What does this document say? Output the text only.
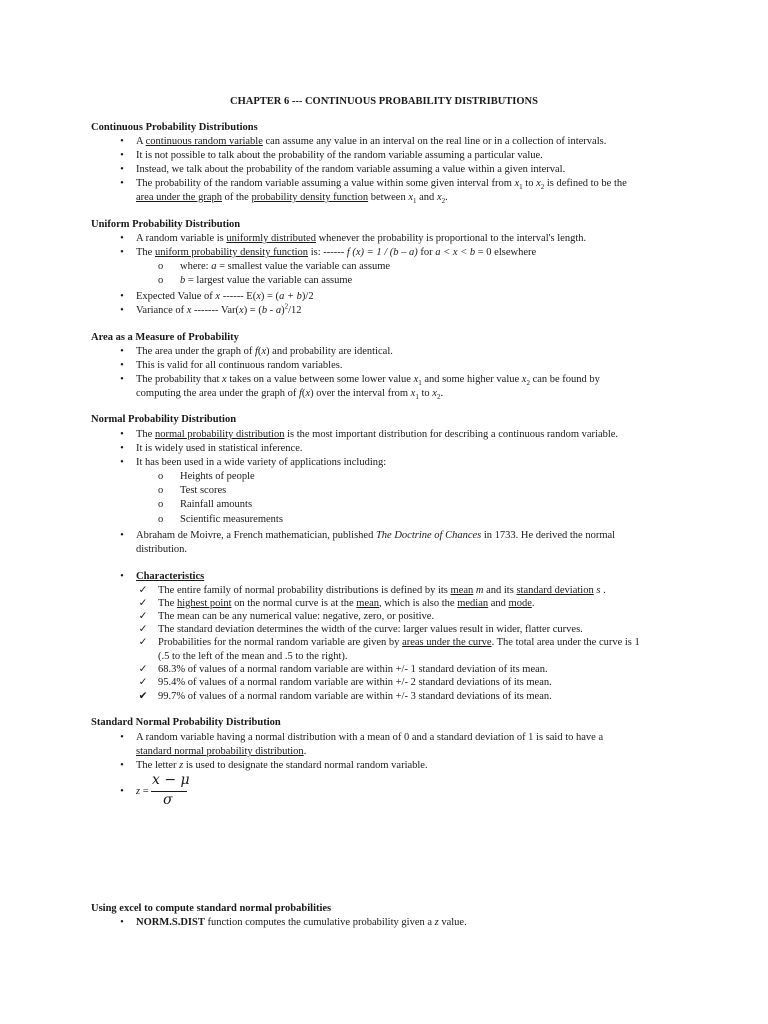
CHAPTER 6 --- CONTINUOUS PROBABILITY DISTRIBUTIONS
Continuous Probability Distributions
•	A continuous random variable can assume any value in an interval on the real line or in a collection of intervals.
•	It is not possible to talk about the probability of the random variable assuming a particular value.
•	Instead, we talk about the probability of the random variable assuming a value within a given interval.
•	The probability of the random variable assuming a value within some given interval from $x_1$ to $x_2$ is defined to be the
area under the graph of the probability density function between $x_1$ and $x_2$.
Uniform Probability Distribution
•	A random variable is uniformly distributed whenever the probability is proportional to the interval's length.
•	The uniform probability density function is: ------ f (x) = 1 / (b – a) for a < x < b = 0 elsewhere
o where: a = smallest value the variable can assume
o b = largest value the variable can assume
•	Expected Value of x ------ E(x) = (a + b)/2
•	Variance of x ------- Var(x) = (b - a)$^2$/12
Area as a Measure of Probability
•	The area under the graph of f(x) and probability are identical.
•	This is valid for all continuous random variables.
•	The probability that x takes on a value between some lower value $x_1$ and some higher value $x_2$ can be found by
computing the area under the graph of f(x) over the interval from $x_1$ to $x_2$.
Normal Probability Distribution
•	The normal probability distribution is the most important distribution for describing a continuous random variable.
•	It is widely used in statistical inference.
•	It has been used in a wide variety of applications including:
o Heights of people
o Test scores
o Rainfall amounts
o Scientific measurements
•	Abraham de Moivre, a French mathematician, published The Doctrine of Chances in 1733. He derived the normal
distribution.
•	Characteristics
✓ The entire family of normal probability distributions is defined by its mean m and its standard deviation s .
✓ The highest point on the normal curve is at the mean, which is also the median and mode.
✓ The mean can be any numerical value: negative, zero, or positive.
✓ The standard deviation determines the width of the curve: larger values result in wider, flatter curves.
✓ Probabilities for the normal random variable are given by areas under the curve. The total area under the curve is 1
(.5 to the left of the mean and .5 to the right).
✓ 68.3% of values of a normal random variable are within +/- 1 standard deviation of its mean.
✓ 95.4% of values of a normal random variable are within +/- 2 standard deviations of its mean.
✔ 99.7% of values of a normal random variable are within +/- 3 standard deviations of its mean.
Standard Normal Probability Distribution
•	A random variable having a normal distribution with a mean of 0 and a standard deviation of 1 is said to have a
standard normal probability distribution.
•	The letter z is used to designate the standard normal random variable.
•	z =
x − μ
σ
Using excel to compute standard normal probabilities
•	NORM.S.DIST function computes the cumulative probability given a z value.
